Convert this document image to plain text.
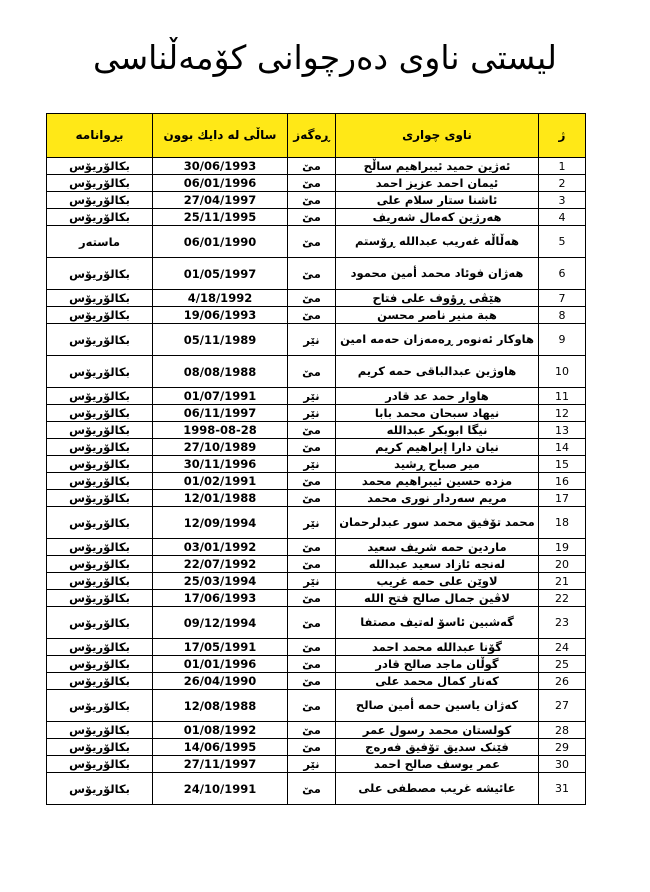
لیستی ناوی دەرچوانی کۆمەڵناسی
ژ	ناوی چواری	ڕەگەز	ساڵی لە دایك بوون	بڕوانامە
1	ئەژین حمید ئیبراهیم ساڵح	مێ	30/06/1993	بکالۆریۆس
2	ئیمان احمد عزیز احمد	مێ	06/01/1996	بکالۆریۆس
3	ئاشنا ستار سلام علی	مێ	27/04/1997	بکالۆریۆس
4	هەرژین کەمال شەریف	مێ	25/11/1995	بکالۆریۆس
5	هەڵاڵە غەریب عبداللە ڕۆستم	مێ	06/01/1990	ماستەر
6	هەژان فوئاد محمد أمین محمود	مێ	01/05/1997	بکالۆریۆس
7	هێڤی ڕؤوف علی فتاح	مێ	4/18/1992	بکالۆریۆس
8	هبة منیر ناصر محسن	مێ	19/06/1993	بکالۆریۆس
9	هاوکار ئەنوەر ڕەمەزان حەمە امین	نێر	05/11/1989	بکالۆریۆس
10	هاوژین عبدالباقی حمە کریم	مێ	08/08/1988	بکالۆریۆس
11	هاوار حمد عد قادر	نێر	01/07/1991	بکالۆریۆس
12	نیهاد سبحان محمد بابا	نێر	06/11/1997	بکالۆریۆس
13	نیگا ابوبکر عبداللە	مێ	1998-08-28	بکالۆریۆس
14	نیان دارا إبراهیم کریم	مێ	27/10/1989	بکالۆریۆس
15	میر صباح ڕشید	نێر	30/11/1996	بکالۆریۆس
16	مزدە حسین ئیبراهیم محمد	مێ	01/02/1991	بکالۆریۆس
17	مریم سەردار نوری محمد	مێ	12/01/1988	بکالۆریۆس
18	محمد تۆفیق محمد سور عبدلرحمان	نێر	12/09/1994	بکالۆریۆس
19	ماردین حمە شریف سعید	مێ	03/01/1992	بکالۆریۆس
20	لەنجە ئازاد سعید عبداللە	مێ	22/07/1992	بکالۆریۆس
21	لاوێن علی حمە غریب	نێر	25/03/1994	بکالۆریۆس
22	لاڤین جمال صالح فتح اللە	مێ	17/06/1993	بکالۆریۆس
23	گەشبین ئاسۆ لەتیف مصتفا	مێ	09/12/1994	بکالۆریۆس
24	گۆنا عبداللە محمد احمد	مێ	17/05/1991	بکالۆریۆس
25	گوڵان ماجد صالح قادر	مێ	01/01/1996	بکالۆریۆس
26	کەنار کمال محمد علی	مێ	26/04/1990	بکالۆریۆس
27	کەژان یاسین حمە أمین صالح	مێ	12/08/1988	بکالۆریۆس
28	کولستان محمد رسول عمر	مێ	01/08/1992	بکالۆریۆس
29	فێنک سدیق تۆفیق فەرەج	مێ	14/06/1995	بکالۆریۆس
30	عمر یوسف صالح احمد	نێر	27/11/1997	بکالۆریۆس
31	عائیشە غریب مصطفی علی	مێ	24/10/1991	بکالۆریۆس
